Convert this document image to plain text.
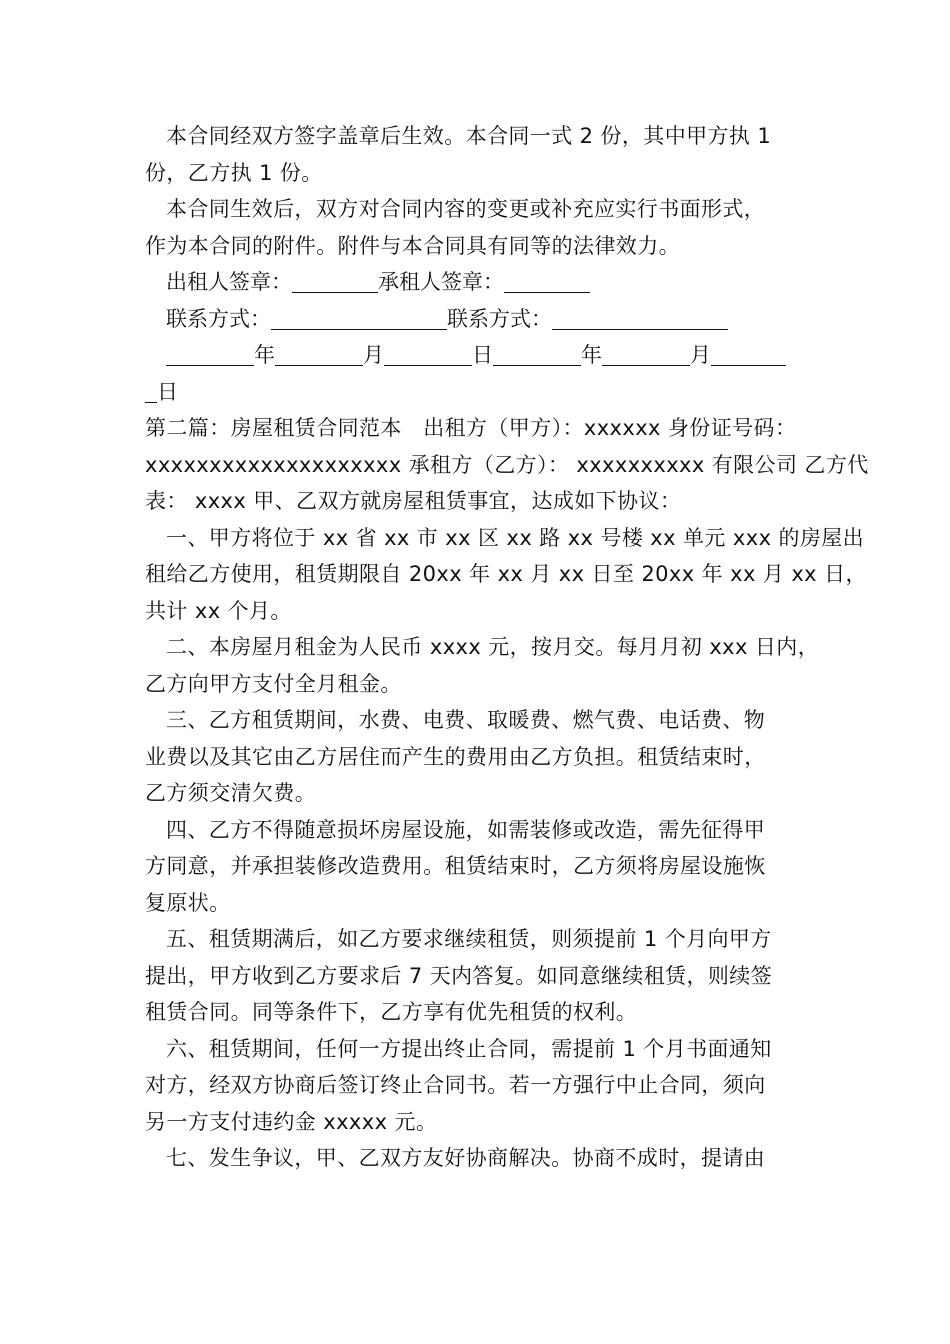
本合同经双方签字盖章后生效。本合同一式 2 份，其中甲方执 1
份，乙方执 1 份。
本合同生效后，双方对合同内容的变更或补充应实行书面形式，
作为本合同的附件。附件与本合同具有同等的法律效力。
出租人签章：	承租人签章：
联系方式：	联系方式：
年	月	日	年	月
日
第二篇：房屋租赁合同范本　出租方（甲方）：xxxxxx 身份证号码：
xxxxxxxxxxxxxxxxxxxx 承租方（乙方）： xxxxxxxxxx 有限公司 乙方代
表： xxxx 甲、乙双方就房屋租赁事宜，达成如下协议：
一、甲方将位于 xx 省 xx 市 xx 区 xx 路 xx 号楼 xx 单元 xxx 的房屋出
租给乙方使用，租赁期限自 20xx 年 xx 月 xx 日至 20xx 年 xx 月 xx 日，
共计 xx 个月。
二、本房屋月租金为人民币 xxxx 元，按月交。每月月初 xxx 日内，
乙方向甲方支付全月租金。
三、乙方租赁期间，水费、电费、取暖费、燃气费、电话费、物
业费以及其它由乙方居住而产生的费用由乙方负担。租赁结束时，
乙方须交清欠费。
四、乙方不得随意损坏房屋设施，如需装修或改造，需先征得甲
方同意，并承担装修改造费用。租赁结束时，乙方须将房屋设施恢
复原状。
五、租赁期满后，如乙方要求继续租赁，则须提前 1 个月向甲方
提出，甲方收到乙方要求后 7 天内答复。如同意继续租赁，则续签
租赁合同。同等条件下，乙方享有优先租赁的权利。
六、租赁期间，任何一方提出终止合同，需提前 1 个月书面通知
对方，经双方协商后签订终止合同书。若一方强行中止合同，须向
另一方支付违约金 xxxxx 元。
七、发生争议，甲、乙双方友好协商解决。协商不成时，提请由
